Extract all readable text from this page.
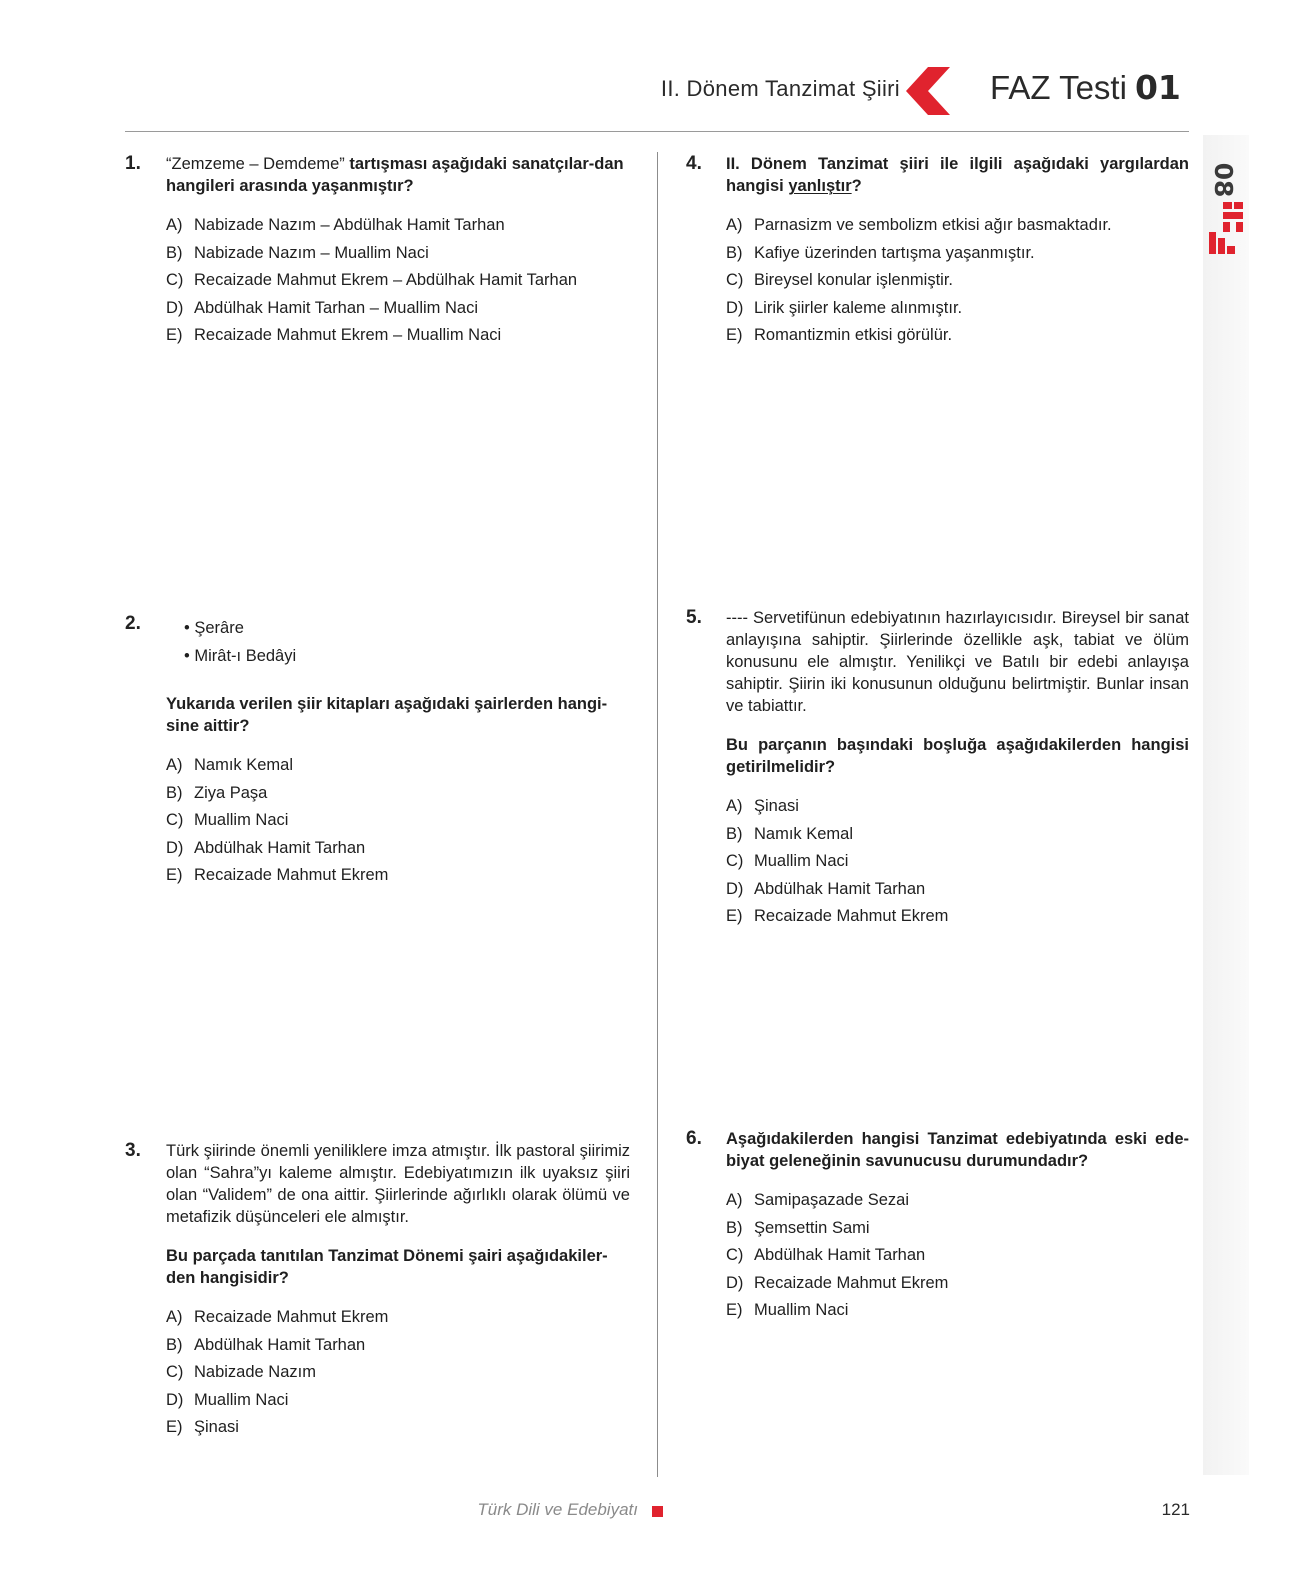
II. Dönem Tanzimat Şiiri	FAZ Testi 01
08
1. “Zemzeme – Demdeme” tartışması aşağıdaki sanatçılar-dan hangileri arasında yaşanmıştır?

A) Nabizade Nazım – Abdülhak Hamit Tarhan
B) Nabizade Nazım – Muallim Naci
C) Recaizade Mahmut Ekrem – Abdülhak Hamit Tarhan
D) Abdülhak Hamit Tarhan – Muallim Naci
E) Recaizade Mahmut Ekrem – Muallim Naci
2.	• Şerâre
• Mirât-ı Bedâyi

Yukarıda verilen şiir kitapları aşağıdaki şairlerden hangi-sine aittir?

A) Namık Kemal
B) Ziya Paşa
C) Muallim Naci
D) Abdülhak Hamit Tarhan
E) Recaizade Mahmut Ekrem
3. Türk şiirinde önemli yeniliklere imza atmıştır. İlk pastoral şiirimiz olan “Sahra”yı kaleme almıştır. Edebiyatımızın ilk uyaksız şiiri olan “Validem” de ona aittir. Şiirlerinde ağırlıklı olarak ölümü ve metafizik düşünceleri ele almıştır.

Bu parçada tanıtılan Tanzimat Dönemi şairi aşağıdakiler-den hangisidir?

A) Recaizade Mahmut Ekrem
B) Abdülhak Hamit Tarhan
C) Nabizade Nazım
D) Muallim Naci
E) Şinasi
4. II. Dönem Tanzimat şiiri ile ilgili aşağıdaki yargılardan hangisi yanlıştır?

A) Parnasizm ve sembolizm etkisi ağır basmaktadır.
B) Kafiye üzerinden tartışma yaşanmıştır.
C) Bireysel konular işlenmiştir.
D) Lirik şiirler kaleme alınmıştır.
E) Romantizmin etkisi görülür.
5. ---- Servetifünun edebiyatının hazırlayıcısıdır. Bireysel bir sanat anlayışına sahiptir. Şiirlerinde özellikle aşk, tabiat ve ölüm konusunu ele almıştır. Yenilikçi ve Batılı bir edebi anlayışa sahiptir. Şiirin iki konusunun olduğunu belirtmiştir. Bunlar insan ve tabiattır.

Bu parçanın başındaki boşluğa aşağıdakilerden hangisi getirilmelidir?

A) Şinasi
B) Namık Kemal
C) Muallim Naci
D) Abdülhak Hamit Tarhan
E) Recaizade Mahmut Ekrem
6. Aşağıdakilerden hangisi Tanzimat edebiyatında eski ede-biyat geleneğinin savunucusu durumundadır?

A) Samipaşazade Sezai
B) Şemsettin Sami
C) Abdülhak Hamit Tarhan
D) Recaizade Mahmut Ekrem
E) Muallim Naci
Türk Dili ve Edebiyatı	121
